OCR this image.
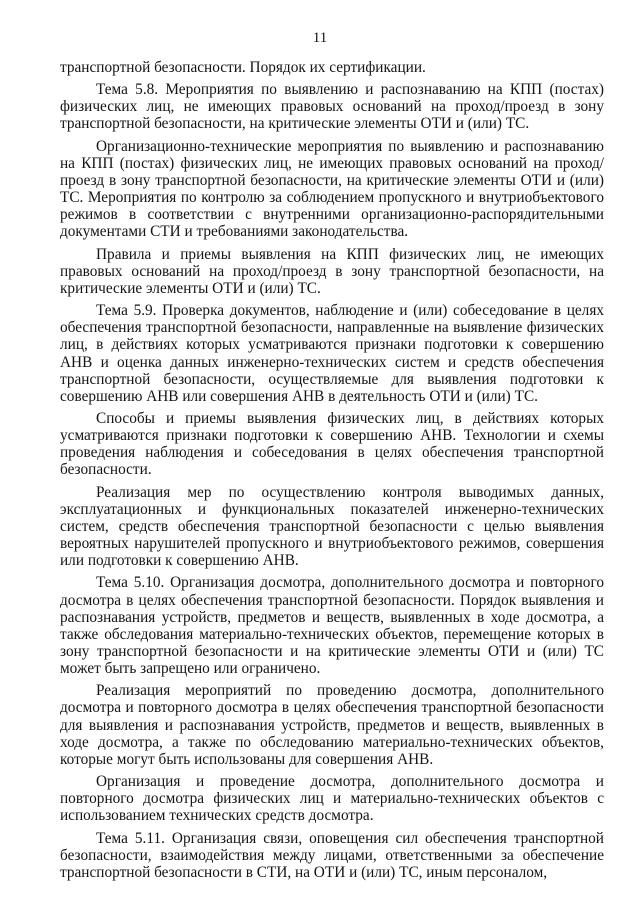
11

транспортной безопасности. Порядок их сертификации.

Тема 5.8. Мероприятия по выявлению и распознаванию на КПП (постах) физических лиц, не имеющих правовых оснований на проход/проезд в зону транспортной безопасности, на критические элементы ОТИ и (или) ТС.

Организационно-технические мероприятия по выявлению и распознаванию на КПП (постах) физических лиц, не имеющих правовых оснований на проход/проезд в зону транспортной безопасности, на критические элементы ОТИ и (или) ТС. Мероприятия по контролю за соблюдением пропускного и внутриобъектового режимов в соответствии с внутренними организационно-распорядительными документами СТИ и требованиями законодательства.

Правила и приемы выявления на КПП физических лиц, не имеющих правовых оснований на проход/проезд в зону транспортной безопасности, на критические элементы ОТИ и (или) ТС.

Тема 5.9. Проверка документов, наблюдение и (или) собеседование в целях обеспечения транспортной безопасности, направленные на выявление физических лиц, в действиях которых усматриваются признаки подготовки к совершению АНВ и оценка данных инженерно-технических систем и средств обеспечения транспортной безопасности, осуществляемые для выявления подготовки к совершению АНВ или совершения АНВ в деятельность ОТИ и (или) ТС.

Способы и приемы выявления физических лиц, в действиях которых усматриваются признаки подготовки к совершению АНВ. Технологии и схемы проведения наблюдения и собеседования в целях обеспечения транспортной безопасности.

Реализация мер по осуществлению контроля выводимых данных, эксплуатационных и функциональных показателей инженерно-технических систем, средств обеспечения транспортной безопасности с целью выявления вероятных нарушителей пропускного и внутриобъектового режимов, совершения или подготовки к совершению АНВ.

Тема 5.10. Организация досмотра, дополнительного досмотра и повторного досмотра в целях обеспечения транспортной безопасности. Порядок выявления и распознавания устройств, предметов и веществ, выявленных в ходе досмотра, а также обследования материально-технических объектов, перемещение которых в зону транспортной безопасности и на критические элементы ОТИ и (или) ТС может быть запрещено или ограничено.

Реализация мероприятий по проведению досмотра, дополнительного досмотра и повторного досмотра в целях обеспечения транспортной безопасности для выявления и распознавания устройств, предметов и веществ, выявленных в ходе досмотра, а также по обследованию материально-технических объектов, которые могут быть использованы для совершения АНВ.

Организация и проведение досмотра, дополнительного досмотра и повторного досмотра физических лиц и материально-технических объектов с использованием технических средств досмотра.

Тема 5.11. Организация связи, оповещения сил обеспечения транспортной безопасности, взаимодействия между лицами, ответственными за обеспечение транспортной безопасности в СТИ, на ОТИ и (или) ТС, иным персоналом,
